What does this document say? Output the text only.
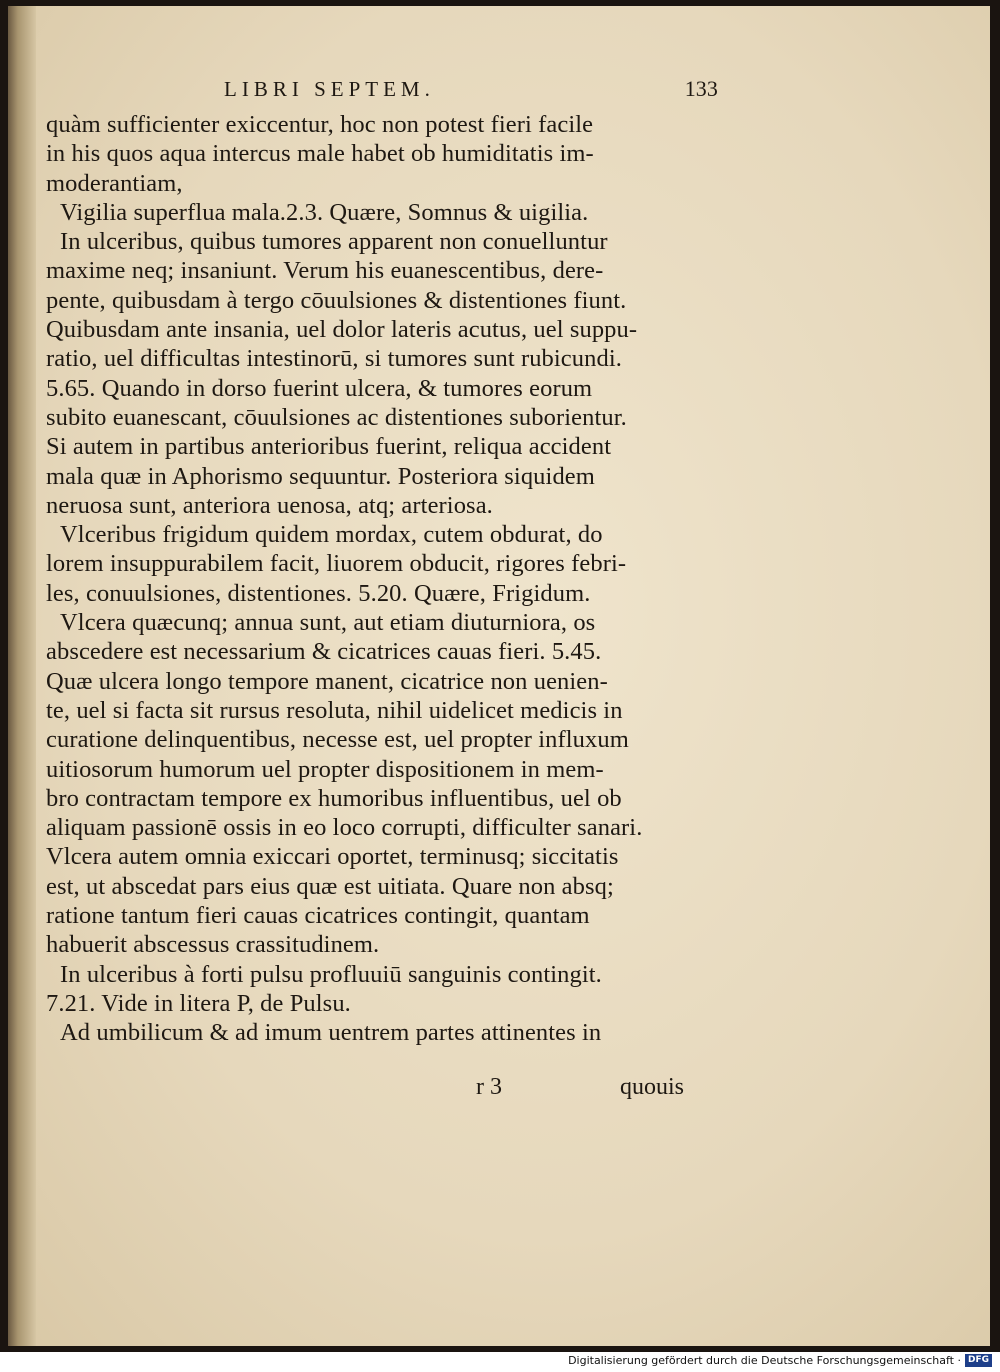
LIBRI SEPTEM.	133
quàm sufficienter exiccentur, hoc non potest fieri facile
in his quos aqua intercus male habet ob humiditatis im-
moderantiam,
Vigilia superflua mala.2.3. Quære, Somnus & uigilia.
In ulceribus, quibus tumores apparent non conuelluntur
maxime neq; insaniunt. Verum his euanescentibus, dere-
pente, quibusdam à tergo cōuulsiones & distentiones fiunt.
Quibusdam ante insania, uel dolor lateris acutus, uel suppu-
ratio, uel difficultas intestinorū, si tumores sunt rubicundi.
5.65. Quando in dorso fuerint ulcera, & tumores eorum
subito euanescant, cōuulsiones ac distentiones suborientur.
Si autem in partibus anterioribus fuerint, reliqua accident
mala quæ in Aphorismo sequuntur. Posteriora siquidem
neruosa sunt, anteriora uenosa, atq; arteriosa.
Vlceribus frigidum quidem mordax, cutem obdurat, do
lorem insuppurabilem facit, liuorem obducit, rigores febri-
les, conuulsiones, distentiones. 5.20. Quære, Frigidum.
Vlcera quæcunq; annua sunt, aut etiam diuturniora, os
abscedere est necessarium & cicatrices cauas fieri. 5.45.
Quæ ulcera longo tempore manent, cicatrice non uenien-
te, uel si facta sit rursus resoluta, nihil uidelicet medicis in
curatione delinquentibus, necesse est, uel propter influxum
uitiosorum humorum uel propter dispositionem in mem-
bro contractam tempore ex humoribus influentibus, uel ob
aliquam passionē ossis in eo loco corrupti, difficulter sanari.
Vlcera autem omnia exiccari oportet, terminusq; siccitatis
est, ut abscedat pars eius quæ est uitiata. Quare non absq;
ratione tantum fieri cauas cicatrices contingit, quantam
habuerit abscessus crassitudinem.
In ulceribus à forti pulsu profluuiū sanguinis contingit.
7.21. Vide in litera P, de Pulsu.
Ad umbilicum & ad imum uentrem partes attinentes in
r 3	quouis
Digitalisierung gefördert durch die Deutsche Forschungsgemeinschaft · DFG
